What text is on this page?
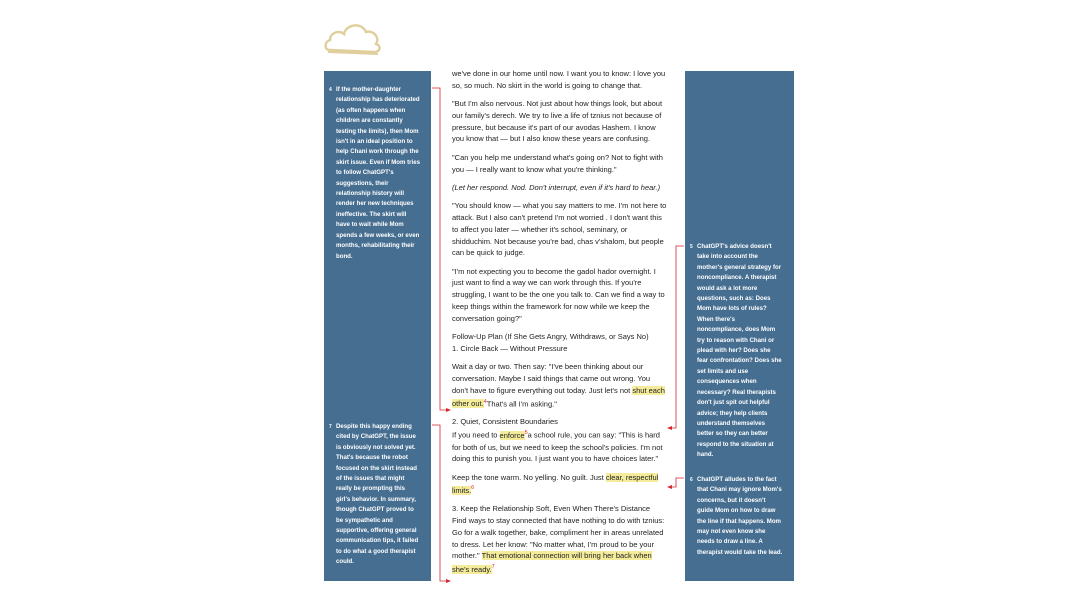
4 If the mother-daughter relationship has deteriorated (as often happens when children are constantly testing the limits), then Mom isn't in an ideal position to help Chani work through the skirt issue. Even if Mom tries to follow ChatGPT's suggestions, their relationship history will render her new techniques ineffective. The skirt will have to wait while Mom spends a few weeks, or even months, rehabilitating their bond.
7 Despite this happy ending cited by ChatGPT, the issue is obviously not solved yet. That's because the robot focused on the skirt instead of the issues that might really be prompting this girl's behavior. In summary, though ChatGPT proved to be sympathetic and supportive, offering general communication tips, it failed to do what a good therapist could.
5 ChatGPT's advice doesn't take into account the mother's general strategy for noncompliance. A therapist would ask a lot more questions, such as: Does Mom have lots of rules? When there's noncompliance, does Mom try to reason with Chani or plead with her? Does she fear confrontation? Does she set limits and use consequences when necessary? Real therapists don't just spit out helpful advice; they help clients understand themselves better so they can better respond to the situation at hand.
6 ChatGPT alludes to the fact that Chani may ignore Mom's concerns, but it doesn't guide Mom on how to draw the line if that happens. Mom may not even know she needs to draw a line. A therapist would take the lead.

we've done in our home until now. I want you to know: I love you so, so much. No skirt in the world is going to change that.

"But I'm also nervous. Not just about how things look, but about our family's derech. We try to live a life of tznius not because of pressure, but because it's part of our avodas Hashem. I know you know that — but I also know these years are confusing.

"Can you help me understand what's going on? Not to fight with you — I really want to know what you're thinking."

(Let her respond. Nod. Don't interrupt, even if it's hard to hear.)

"You should know — what you say matters to me. I'm not here to attack. But I also can't pretend I'm not worried . I don't want this to affect you later — whether it's school, seminary, or shidduchim. Not because you're bad, chas v'shalom, but people can be quick to judge.

"I'm not expecting you to become the gadol hador overnight. I just want to find a way we can work through this. If you're struggling, I want to be the one you talk to. Can we find a way to keep things within the framework for now while we keep the conversation going?"

Follow-Up Plan (If She Gets Angry, Withdraws, or Says No)
1. Circle Back — Without Pressure

Wait a day or two. Then say: "I've been thinking about our conversation. Maybe I said things that came out wrong. You don't have to figure everything out today. Just let's not shut each other out.$^4$That's all I'm asking."

2. Quiet, Consistent Boundaries
If you need to enforce$^5$a school rule, you can say: "This is hard for both of us, but we need to keep the school's policies. I'm not doing this to punish you. I just want you to have choices later."

Keep the tone warm. No yelling. No guilt. Just clear, respectful limits.$^6$

3. Keep the Relationship Soft, Even When There's Distance
Find ways to stay connected that have nothing to do with tznius: Go for a walk together, bake, compliment her in areas unrelated to dress. Let her know: "No matter what, I'm proud to be your mother." That emotional connection will bring her back when she's ready.$^7$
